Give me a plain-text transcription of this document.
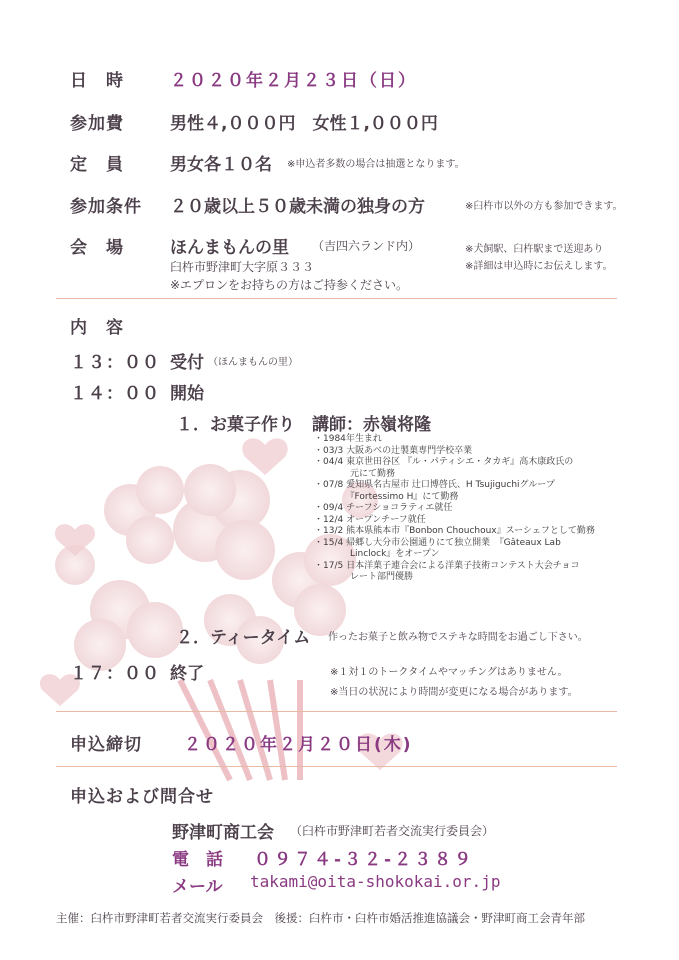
日　時	２０２０年２月２３日（日）
参加費	男性４,０００円　女性１,０００円
定　員	男女各１０名 ※申込者多数の場合は抽選となります。
参加条件 ２０歳以上５０歳未満の独身の方	※臼杵市以外の方も参加できます。
会　場	ほんまもんの里 （吉四六ランド内）
臼杵市野津町大字原３３３
※エプロンをお持ちの方はご持参ください。
※犬飼駅、臼杵駅まで送迎あり
※詳細は申込時にお伝えします。
内　容
１３：００ 受付 （ほんまもんの里）
１４：００ 開始
１．お菓子作り 講師：赤嶺将隆
・1984年生まれ
・03/3 大阪あべの辻製菓専門学校卒業
・04/4 東京世田谷区 『ル・パティシエ・タカギ』高木康政氏の
　　　　元にて勤務
・07/8 愛知県名古屋市 辻口博啓氏、H Tsujiguchiグループ
　　　　『Fortessimo H』にて勤務
・09/4 チーフショコラティエ就任
・12/4 オープンチーフ就任
・13/2 熊本県熊本市『Bonbon Chouchoux』スーシェフとして勤務
・15/4 帰郷し大分市公園通りにて独立開業　『Gâteaux Lab
　　　　Linclock』をオープン
・17/5 日本洋菓子連合会による洋菓子技術コンテスト大会チョコ
　　　　レート部門優勝
２．ティータイム 作ったお菓子と飲み物でステキな時間をお過ごし下さい。
１７：００ 終了	※１対１のトークタイムやマッチングはありません。
※当日の状況により時間が変更になる場合があります。
申込締切 ２０２０年２月２０日(木)
申込および問合せ
野津町商工会 （臼杵市野津町若者交流実行委員会）
電　話 ０９７４-３２-２３８９
メール takami@oita-shokokai.or.jp
主催：臼杵市野津町若者交流実行委員会　後援：臼杵市・臼杵市婚活推進協議会・野津町商工会青年部
